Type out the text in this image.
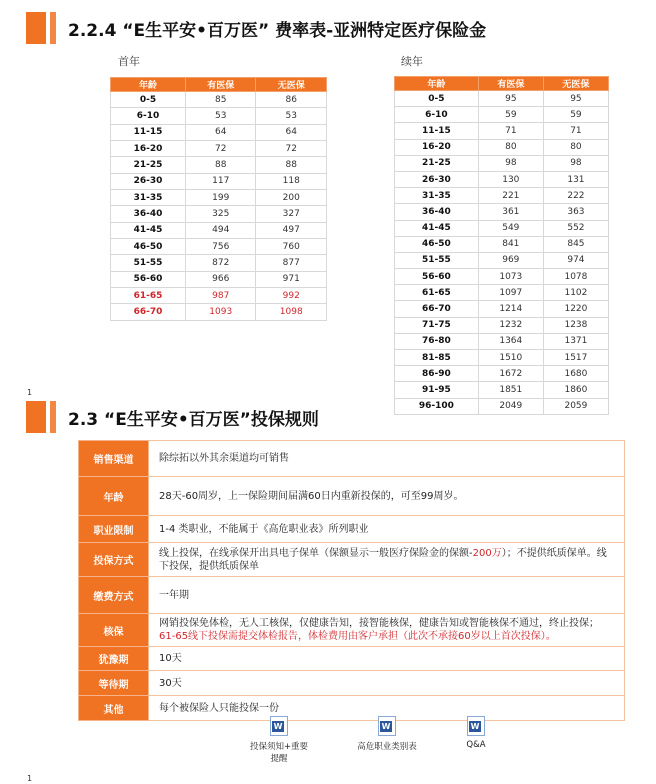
2.2.4 “E生平安•百万医” 费率表-亚洲特定医疗保险金
首年	续年
年龄	有医保	无医保
0-5	85	86
6-10	53	53
11-15	64	64
16-20	72	72
21-25	88	88
26-30	117	118
31-35	199	200
36-40	325	327
41-45	494	497
46-50	756	760
51-55	872	877
56-60	966	971
61-65	987	992
66-70	1093	1098
年龄	有医保	无医保
0-5	95	95
6-10	59	59
11-15	71	71
16-20	80	80
21-25	98	98
26-30	130	131
31-35	221	222
36-40	361	363
41-45	549	552
46-50	841	845
51-55	969	974
56-60	1073	1078
61-65	1097	1102
66-70	1214	1220
71-75	1232	1238
76-80	1364	1371
81-85	1510	1517
86-90	1672	1680
91-95	1851	1860
96-100	2049	2059
1
1
2.3 “E生平安•百万医”投保规则
销售渠道	除综拓以外其余渠道均可销售
年龄	28天-60周岁，上一保险期间届满60日内重新投保的，可至99周岁。
职业限制	1-4 类职业，不能属于《高危职业表》所列职业
投保方式	线上投保，在线承保开出具电子保单（保额显示一般医疗保险金的保额-200万）；不提供纸质保单。线下投保，提供纸质保单
缴费方式	一年期
核保	网销投保免体检，无人工核保，仅健康告知，接智能核保，健康告知或智能核保不通过，终止投保；61-65线下投保需提交体检报告，体检费用由客户承担（此次不承接60岁以上首次投保）。
犹豫期	10天
等待期	30天
其他	每个被保险人只能投保一份
W
投保须知+重要提醒
W
高危职业类别表
W	Q&A
